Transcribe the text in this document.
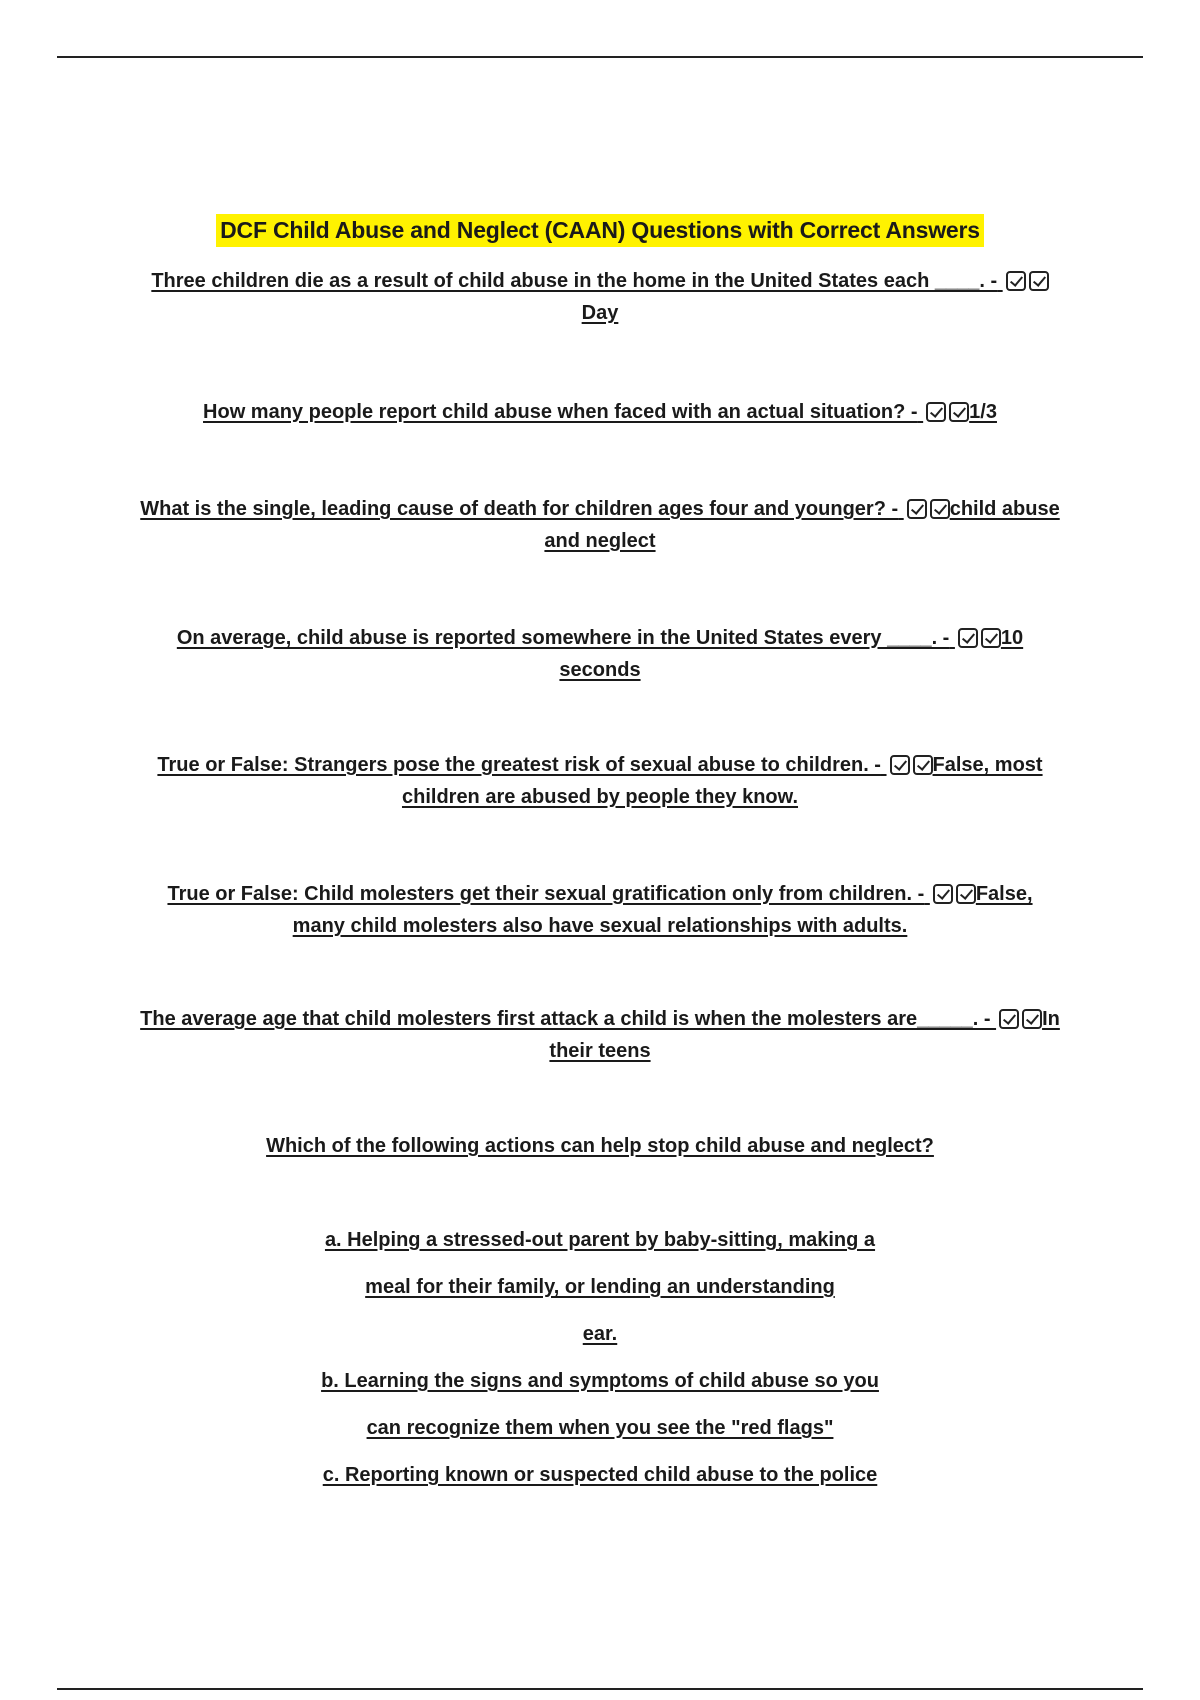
DCF Child Abuse and Neglect (CAAN) Questions with Correct Answers
Three children die as a result of child abuse in the home in the United States each ____. - Day
How many people report child abuse when faced with an actual situation? -	1/3
What is the single, leading cause of death for children ages four and younger? -	child abuse and neglect
On average, child abuse is reported somewhere in the United States every ____. -	10 seconds
True or False: Strangers pose the greatest risk of sexual abuse to children. -	False, most children are abused by people they know.
True or False: Child molesters get their sexual gratification only from children. -	False, many child molesters also have sexual relationships with adults.
The average age that child molesters first attack a child is when the molesters are_____. -	In their teens
Which of the following actions can help stop child abuse and neglect?
a. Helping a stressed-out parent by baby-sitting, making a
meal for their family, or lending an understanding
ear.
b. Learning the signs and symptoms of child abuse so you
can recognize them when you see the "red flags"
c. Reporting known or suspected child abuse to the police
